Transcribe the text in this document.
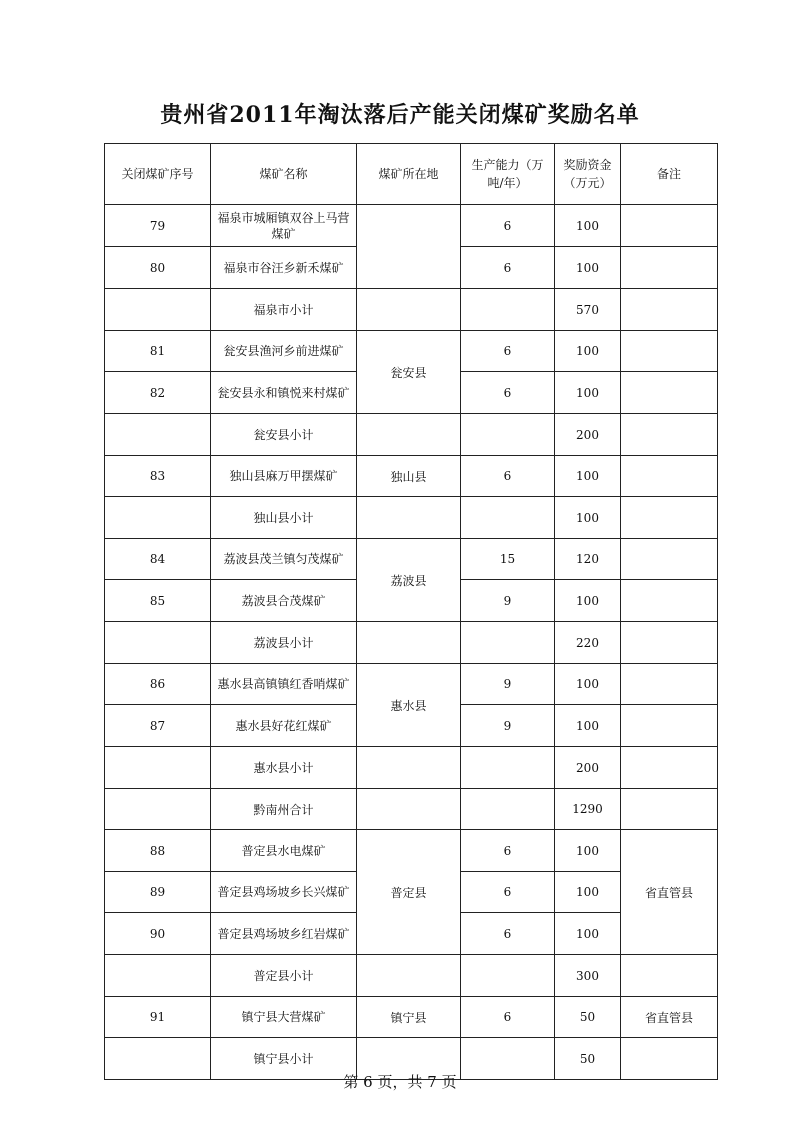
贵州省2011年淘汰落后产能关闭煤矿奖励名单
关闭煤矿序号	煤矿名称	煤矿所在地	生产能力（万吨/年）	奖励资金（万元）	备注
79	福泉市城厢镇双谷上马营煤矿		6	100	
80	福泉市谷汪乡新禾煤矿		6	100	
	福泉市小计			570	
81	瓮安县渔河乡前进煤矿	瓮安县	6	100	
82	瓮安县永和镇悦来村煤矿		6	100	
	瓮安县小计			200	
83	独山县麻万甲摆煤矿	独山县	6	100	
	独山县小计			100	
84	荔波县茂兰镇匀茂煤矿	荔波县	15	120	
85	荔波县合茂煤矿		9	100	
	荔波县小计			220	
86	惠水县高镇镇红香哨煤矿	惠水县	9	100	
87	惠水县好花红煤矿		9	100	
	惠水县小计			200	
	黔南州合计			1290	
88	普定县水电煤矿	普定县	6	100	省直管县
89	普定县鸡场坡乡长兴煤矿		6	100	
90	普定县鸡场坡乡红岩煤矿		6	100	
	普定县小计			300	
91	镇宁县大营煤矿	镇宁县	6	50	省直管县
	镇宁县小计			50	
第 6 页，共 7 页
